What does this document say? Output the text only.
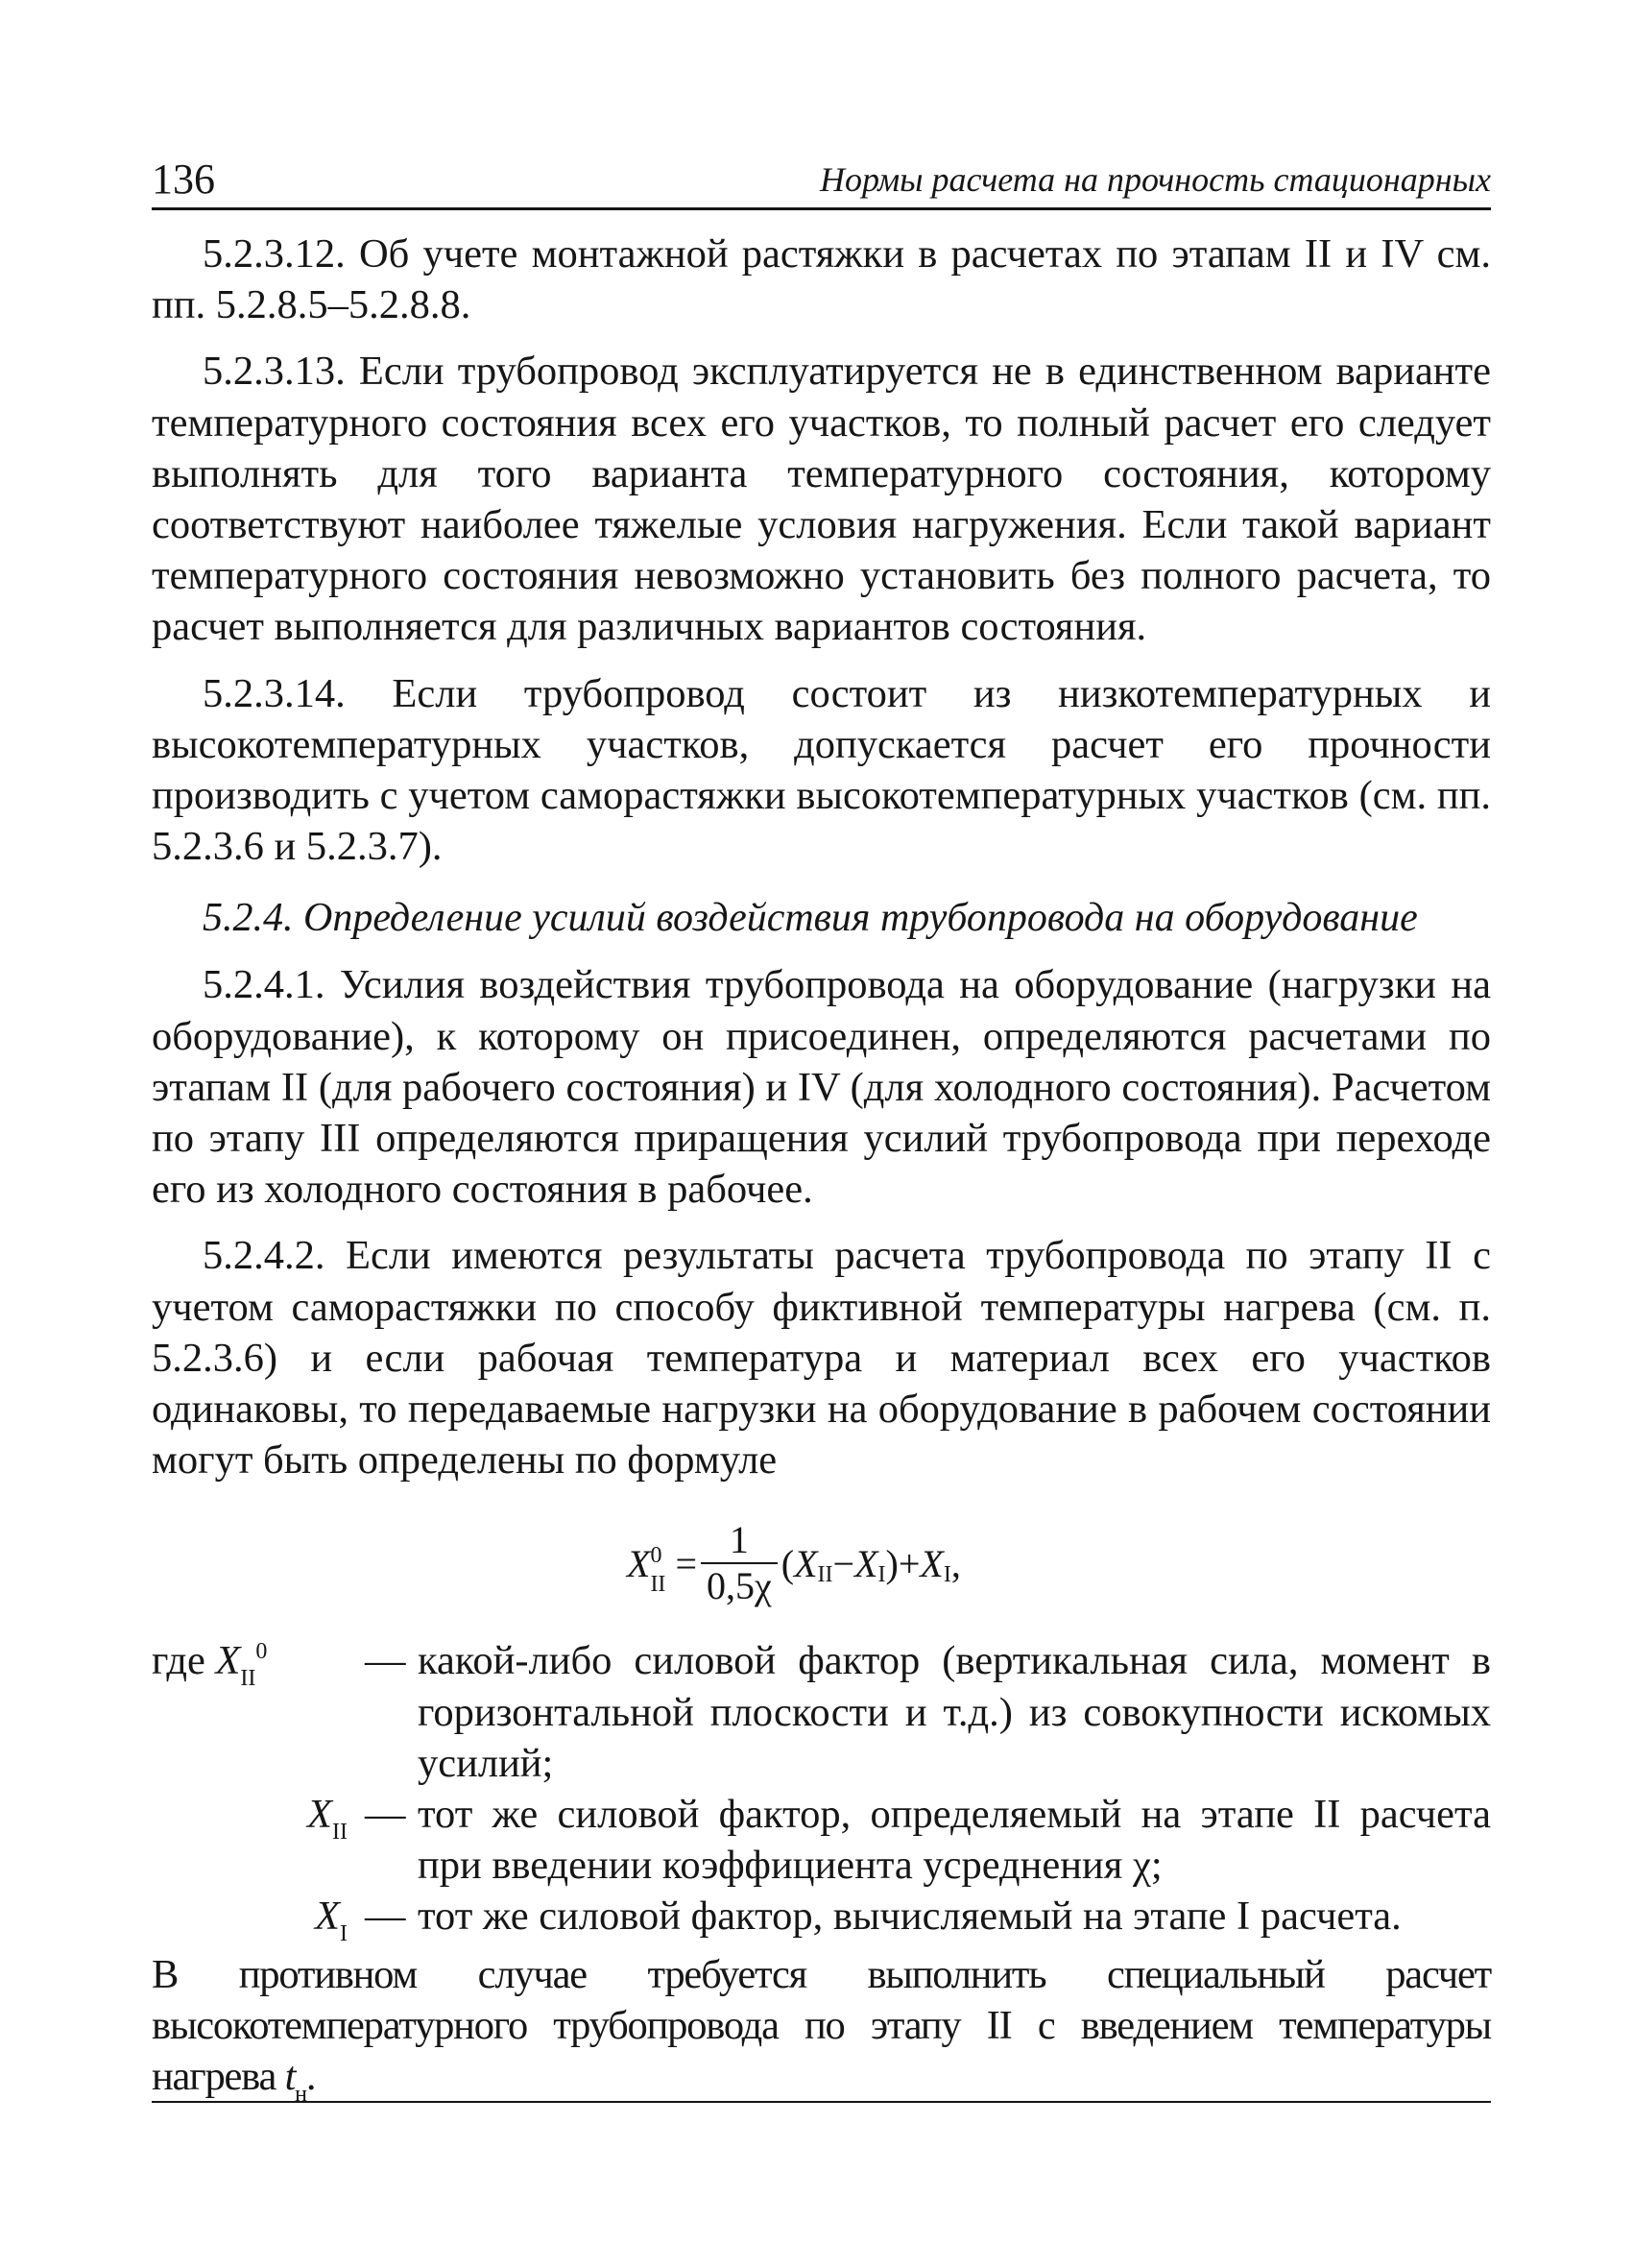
136	Нормы расчета на прочность стационарных

5.2.3.12. Об учете монтажной растяжки в расчетах по этапам II и IV см. пп. 5.2.8.5–5.2.8.8.

5.2.3.13. Если трубопровод эксплуатируется не в единственном варианте температурного состояния всех его участков, то полный расчет его следует выполнять для того варианта температурного состояния, которому соответствуют наиболее тяжелые условия нагружения. Если такой вариант температурного состояния невозможно установить без полного расчета, то расчет выполняется для различных вариантов состояния.

5.2.3.14. Если трубопровод состоит из низкотемпературных и высокотемпературных участков, допускается расчет его прочности производить с учетом саморастяжки высокотемпературных участков (см. пп. 5.2.3.6 и 5.2.3.7).

5.2.4. Определение усилий воздействия трубопровода на оборудование

5.2.4.1. Усилия воздействия трубопровода на оборудование (нагрузки на оборудование), к которому он присоединен, определяются расчетами по этапам II (для рабочего состояния) и IV (для холодного состояния). Расчетом по этапу III определяются приращения усилий трубопровода при переходе его из холодного состояния в рабочее.

5.2.4.2. Если имеются результаты расчета трубопровода по этапу II с учетом саморастяжки по способу фиктивной температуры нагрева (см. п. 5.2.3.6) и если рабочая температура и материал всех его участков одинаковы, то передаваемые нагрузки на оборудование в рабочем состоянии могут быть определены по формуле

X 0
II = $\frac{1}{0,5\chi}$ ( X II − X I ) + X I ,
где $X_{II}^0$	— какой-либо силовой фактор (вертикальная сила, момент в горизонтальной плоскости и т.д.) из совокупности искомых усилий;
$X_{II}$ — тот же силовой фактор, определяемый на этапе II расчета при введении коэффициента усреднения χ;
$X_I$ — тот же силовой фактор, вычисляемый на этапе I расчета.

В противном случае требуется выполнить специальный расчет высокотемпературного трубопровода по этапу II с введением температуры нагрева $t_н$.
